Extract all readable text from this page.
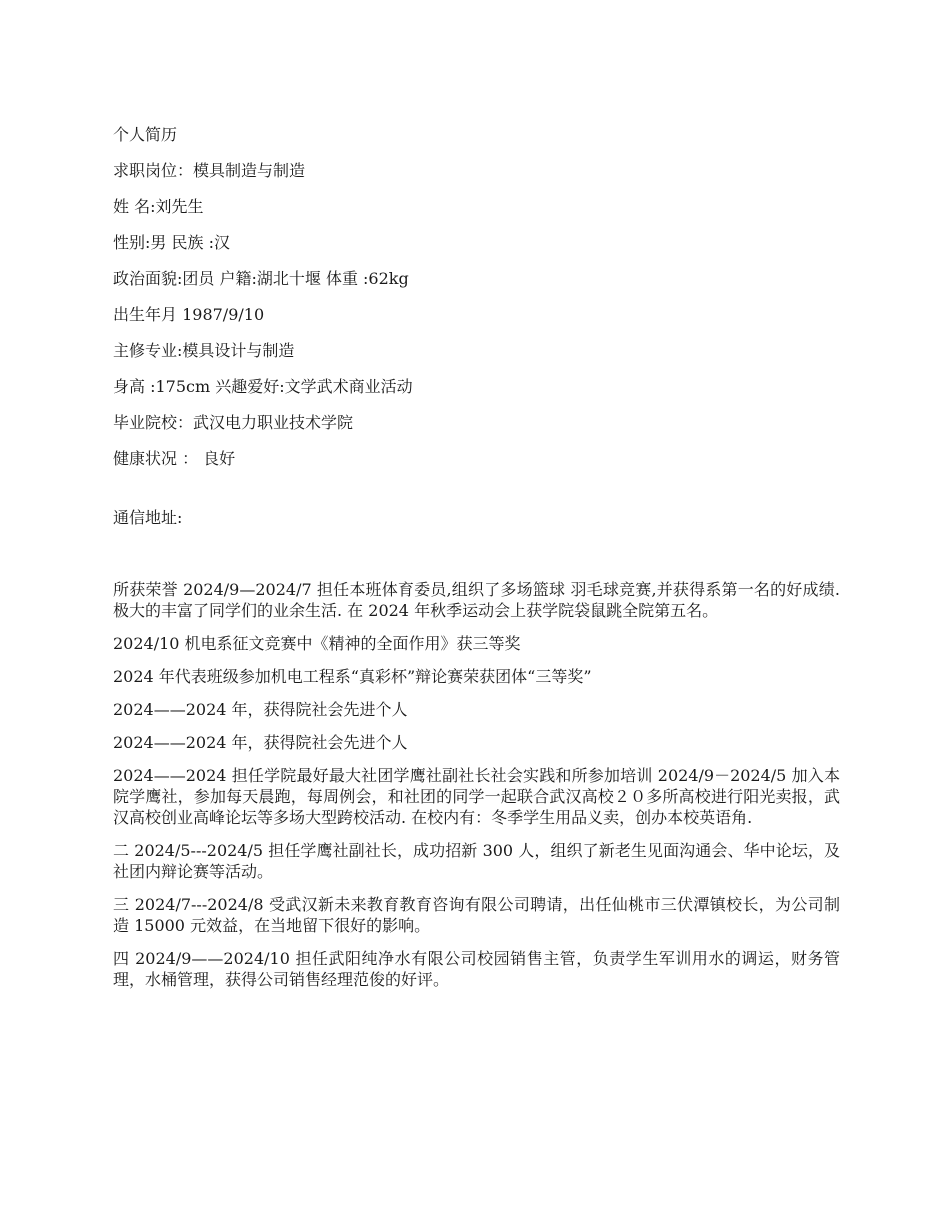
个人简历
求职岗位：模具制造与制造
姓 名:刘先生
性别:男 民族 :汉
政治面貌:团员 户籍:湖北十堰 体重 :62kg
出生年月 1987/9/10
主修专业:模具设计与制造
身高 :175cm 兴趣爱好:文学武术商业活动
毕业院校：武汉电力职业技术学院
健康状况 ： 良好
通信地址:
所获荣誉 2024/9—2024/7 担任本班体育委员,组织了多场篮球 羽毛球竞赛,并获得系第一名的好成绩. 极大的丰富了同学们的业余生活. 在 2024 年秋季运动会上获学院袋鼠跳全院第五名。
2024/10 机电系征文竞赛中《精神的全面作用》获三等奖
2024 年代表班级参加机电工程系“真彩杯”辩论赛荣获团体“三等奖”
2024——2024 年，获得院社会先进个人
2024——2024 年，获得院社会先进个人
2024——2024 担任学院最好最大社团学鹰社副社长社会实践和所参加培训 2024/9－2024/5 加入本院学鹰社，参加每天晨跑，每周例会，和社团的同学一起联合武汉高校２０多所高校进行阳光卖报，武汉高校创业高峰论坛等多场大型跨校活动. 在校内有：冬季学生用品义卖，创办本校英语角.
二 2024/5---2024/5 担任学鹰社副社长，成功招新 300 人，组织了新老生见面沟通会、华中论坛，及社团内辩论赛等活动。
三 2024/7---2024/8 受武汉新未来教育教育咨询有限公司聘请，出任仙桃市三伏潭镇校长，为公司制造 15000 元效益，在当地留下很好的影响。
四 2024/9——2024/10 担任武阳纯净水有限公司校园销售主管，负责学生军训用水的调运，财务管理，水桶管理，获得公司销售经理范俊的好评。
